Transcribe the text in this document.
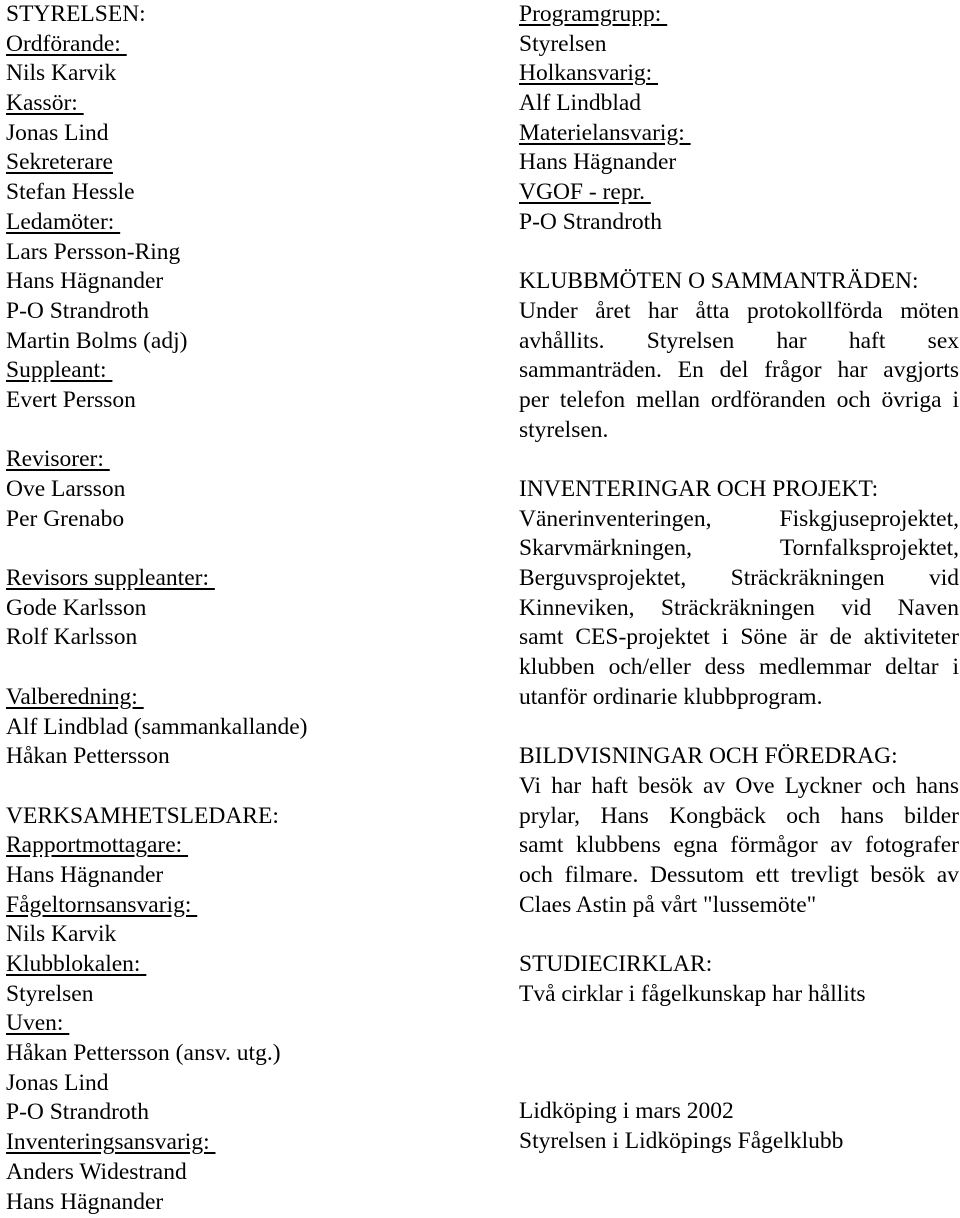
STYRELSEN:
Ordförande:
Nils Karvik
Kassör:
Jonas Lind
Sekreterare
Stefan Hessle
Ledamöter:
Lars Persson-Ring
Hans Hägnander
P-O Strandroth
Martin Bolms (adj)
Suppleant:
Evert Persson
Revisorer:
Ove Larsson
Per Grenabo
Revisors suppleanter:
Gode Karlsson
Rolf Karlsson
Valberedning:
Alf Lindblad (sammankallande)
Håkan Pettersson
VERKSAMHETSLEDARE:
Rapportmottagare:
Hans Hägnander
Fågeltornsansvarig:
Nils Karvik
Klubblokalen:
Styrelsen
Uven:
Håkan Pettersson (ansv. utg.)
Jonas Lind
P-O Strandroth
Inventeringsansvarig:
Anders Widestrand
Hans Hägnander
Programgrupp:
Styrelsen
Holkansvarig:
Alf Lindblad
Materielansvarig:
Hans Hägnander
VGOF - repr.
P-O Strandroth
KLUBBMÖTEN O SAMMANTRÄDEN:
Under året har åtta protokollförda möten
avhållits. Styrelsen har haft sex
sammanträden. En del frågor har avgjorts
per telefon mellan ordföranden och övriga i
styrelsen.
INVENTERINGAR OCH PROJEKT:
Vänerinventeringen, Fiskgjuseprojektet,
Skarvmärkningen, Tornfalksprojektet,
Berguvsprojektet, Sträckräkningen vid
Kinneviken, Sträckräkningen vid Naven
samt CES-projektet i Söne är de aktiviteter
klubben och/eller dess medlemmar deltar i
utanför ordinarie klubbprogram.
BILDVISNINGAR OCH FÖREDRAG:
Vi har haft besök av Ove Lyckner och hans
prylar, Hans Kongbäck och hans bilder
samt klubbens egna förmågor av fotografer
och filmare. Dessutom ett trevligt besök av
Claes Astin på vårt "lussemöte"
STUDIECIRKLAR:
Två cirklar i fågelkunskap har hållits
Lidköping i mars 2002
Styrelsen i Lidköpings Fågelklubb
